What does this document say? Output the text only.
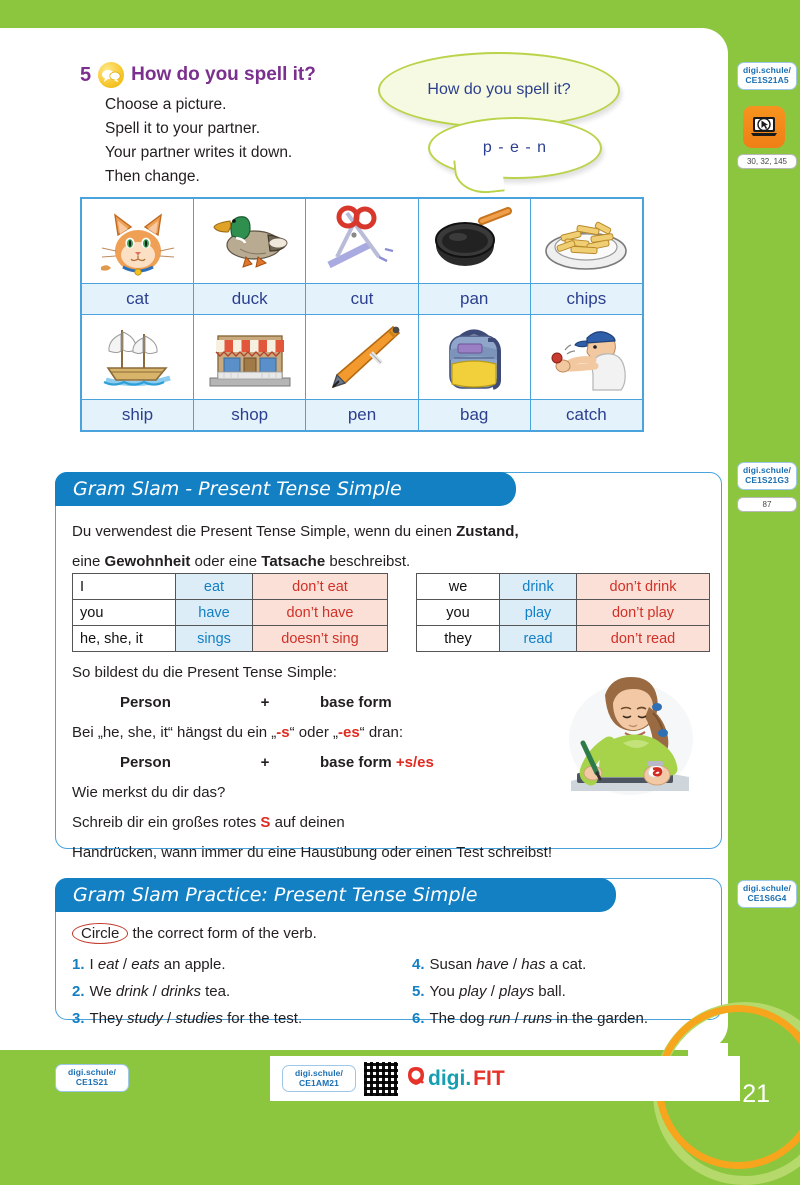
5 How do you spell it?
Choose a picture.
Spell it to your partner.
Your partner writes it down.
Then change.
How do you spell it?
p - e - n

cat	duck	cut	pan	chips

ship	shop	pen	bag	catch
Gram Slam - Present Tense Simple
Du verwendest die Present Tense Simple, wenn du einen Zustand,
eine Gewohnheit oder eine Tatsache beschreibst.
I	eat	don’t eat
you	have	don’t have
he, she, it	sings	doesn’t sing
we	drink	don’t drink
you	play	don’t play
they	read	don’t read
So bildest du die Present Tense Simple:
Person	+	base form
Bei „he, she, it“ hängst du ein „-s“ oder „-es“ dran:
Person	+	base form +s/es
Wie merkst du dir das?
Schreib dir ein großes rotes S auf deinen
Handrücken, wann immer du eine Hausübung oder einen Test schreibst!
Gram Slam Practice: Present Tense Simple
Circle the correct form of the verb.
1. I eat / eats an apple.	4. Susan have / has a cat.
2. We drink / drinks tea.	5. You play / plays ball.
3. They study / studies for the test.	6. The dog run / runs in the garden.
digi.schule/
CE1S21A5
30, 32, 145
digi.schule/
CE1S21G3
87
digi.schule/
CE1S6G4
21
digi.schule/
CE1S21
digi.schule/
CE1AM21	digi. FIT
